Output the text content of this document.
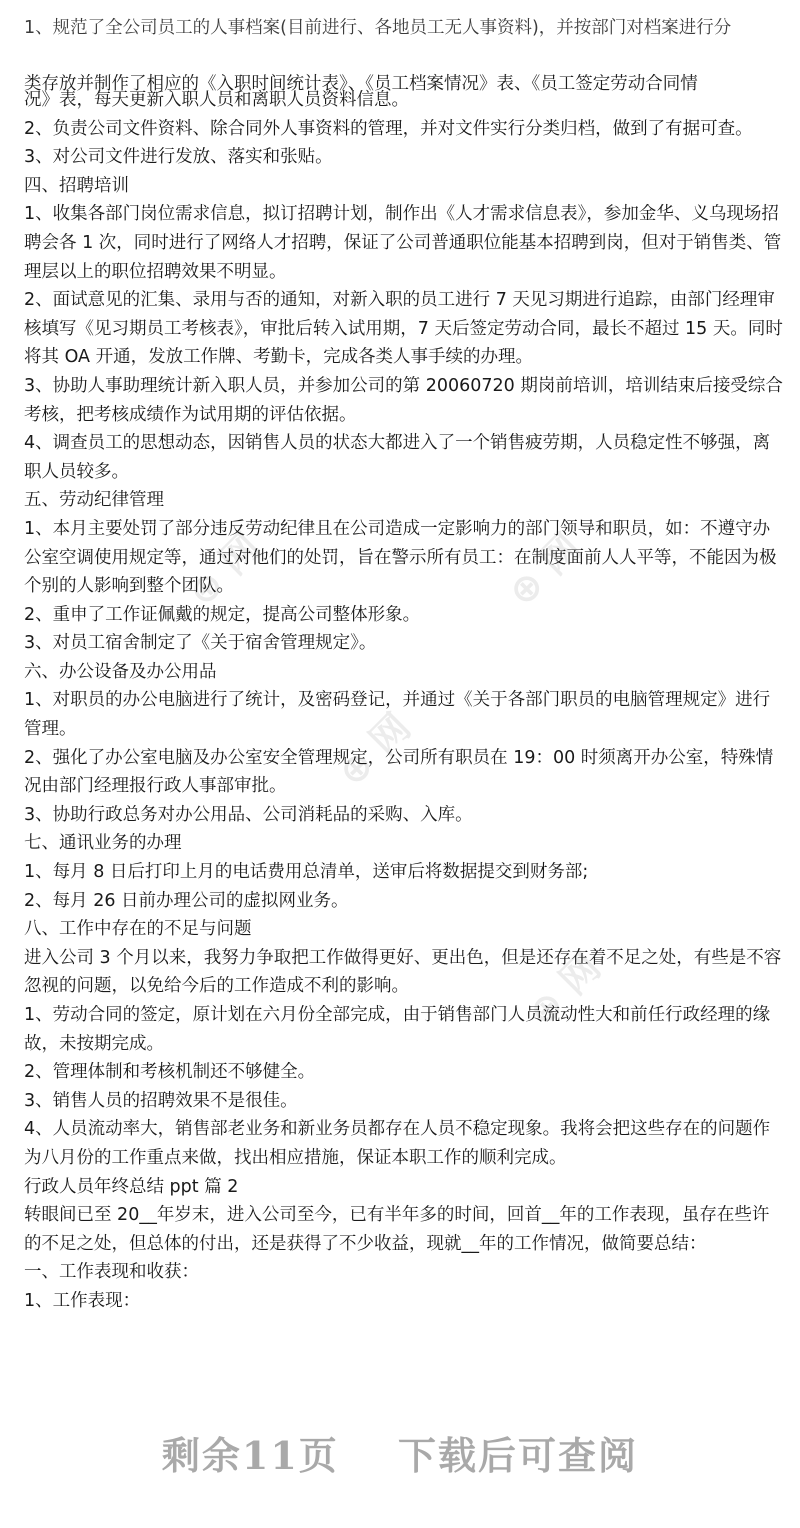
1、规范了全公司员工的人事档案(目前进行、各地员工无人事资料)，并按部门对档案进行分

类存放并制作了相应的《入职时间统计表》、《员工档案情况》表、《员工签定劳动合同情

⊕ 网	⊕ 网
⊕ 网
⊕ 网

况》表，每天更新入职人员和离职人员资料信息。

2、负责公司文件资料、除合同外人事资料的管理，并对文件实行分类归档，做到了有据可查。

3、对公司文件进行发放、落实和张贴。

四、招聘培训

1、收集各部门岗位需求信息，拟订招聘计划，制作出《人才需求信息表》，参加金华、义乌现场招聘会各 1 次，同时进行了网络人才招聘，保证了公司普通职位能基本招聘到岗，但对于销售类、管理层以上的职位招聘效果不明显。

2、面试意见的汇集、录用与否的通知，对新入职的员工进行 7 天见习期进行追踪，由部门经理审核填写《见习期员工考核表》，审批后转入试用期，7 天后签定劳动合同，最长不超过 15 天。同时将其 OA 开通，发放工作牌、考勤卡，完成各类人事手续的办理。

3、协助人事助理统计新入职人员，并参加公司的第 20060720 期岗前培训，培训结束后接受综合考核，把考核成绩作为试用期的评估依据。

4、调查员工的思想动态，因销售人员的状态大都进入了一个销售疲劳期，人员稳定性不够强，离职人员较多。

五、劳动纪律管理

1、本月主要处罚了部分违反劳动纪律且在公司造成一定影响力的部门领导和职员，如：不遵守办公室空调使用规定等，通过对他们的处罚，旨在警示所有员工：在制度面前人人平等，不能因为极个别的人影响到整个团队。

2、重申了工作证佩戴的规定，提高公司整体形象。

3、对员工宿舍制定了《关于宿舍管理规定》。

六、办公设备及办公用品

1、对职员的办公电脑进行了统计，及密码登记，并通过《关于各部门职员的电脑管理规定》进行管理。

2、强化了办公室电脑及办公室安全管理规定，公司所有职员在 19：00 时须离开办公室，特殊情况由部门经理报行政人事部审批。

3、协助行政总务对办公用品、公司消耗品的采购、入库。

七、通讯业务的办理

1、每月 8 日后打印上月的电话费用总清单，送审后将数据提交到财务部;

2、每月 26 日前办理公司的虚拟网业务。

八、工作中存在的不足与问题

进入公司 3 个月以来，我努力争取把工作做得更好、更出色，但是还存在着不足之处，有些是不容忽视的问题，以免给今后的工作造成不利的影响。

1、劳动合同的签定，原计划在六月份全部完成，由于销售部门人员流动性大和前任行政经理的缘故，未按期完成。

2、管理体制和考核机制还不够健全。

3、销售人员的招聘效果不是很佳。

4、人员流动率大，销售部老业务和新业务员都存在人员不稳定现象。我将会把这些存在的问题作为八月份的工作重点来做，找出相应措施，保证本职工作的顺利完成。

行政人员年终总结 ppt 篇 2

转眼间已至 20__年岁末，进入公司至今，已有半年多的时间，回首__年的工作表现，虽存在些许的不足之处，但总体的付出，还是获得了不少收益，现就__年的工作情况，做简要总结：

一、工作表现和收获：

1、工作表现：

剩余11页 下载后可查阅
